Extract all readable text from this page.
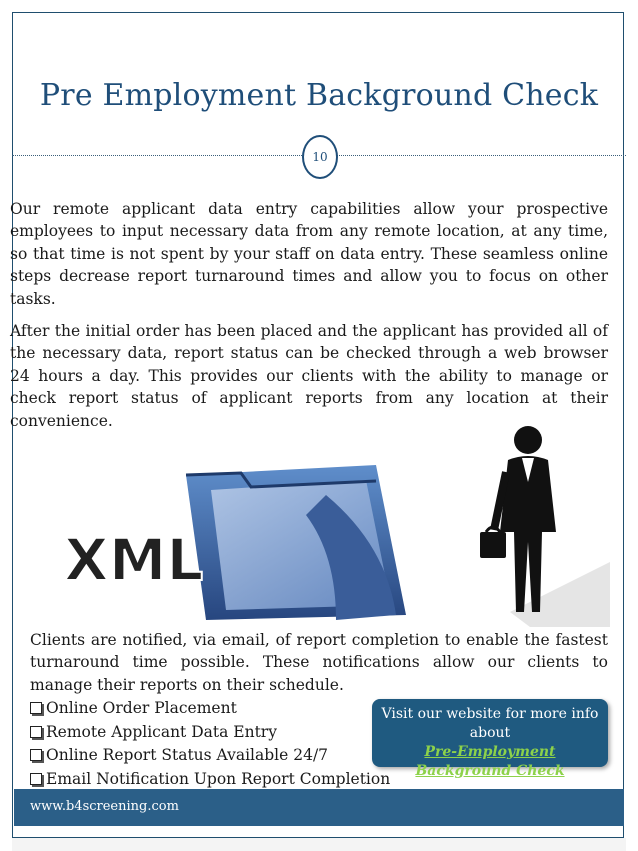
Pre Employment Background Check
10

Our remote applicant data entry capabilities allow your prospective employees to input necessary data from any remote location, at any time, so that time is not spent by your staff on data entry. These seamless online steps decrease report turnaround times and allow you to focus on other tasks.

After the initial order has been placed and the applicant has provided all of the necessary data, report status can be checked through a web browser 24 hours a day. This provides our clients with the ability to manage or check report status of applicant reports from any location at their convenience.

XML

Clients are notified, via email, of report completion to enable the fastest turnaround time possible. These notifications allow our clients to manage their reports on their schedule.

Online Order Placement
Remote Applicant Data Entry
Online Report Status Available 24/7
Email Notification Upon Report Completion
Visit our website for more info about
Pre-Employment
Background Check
www.b4screening.com
